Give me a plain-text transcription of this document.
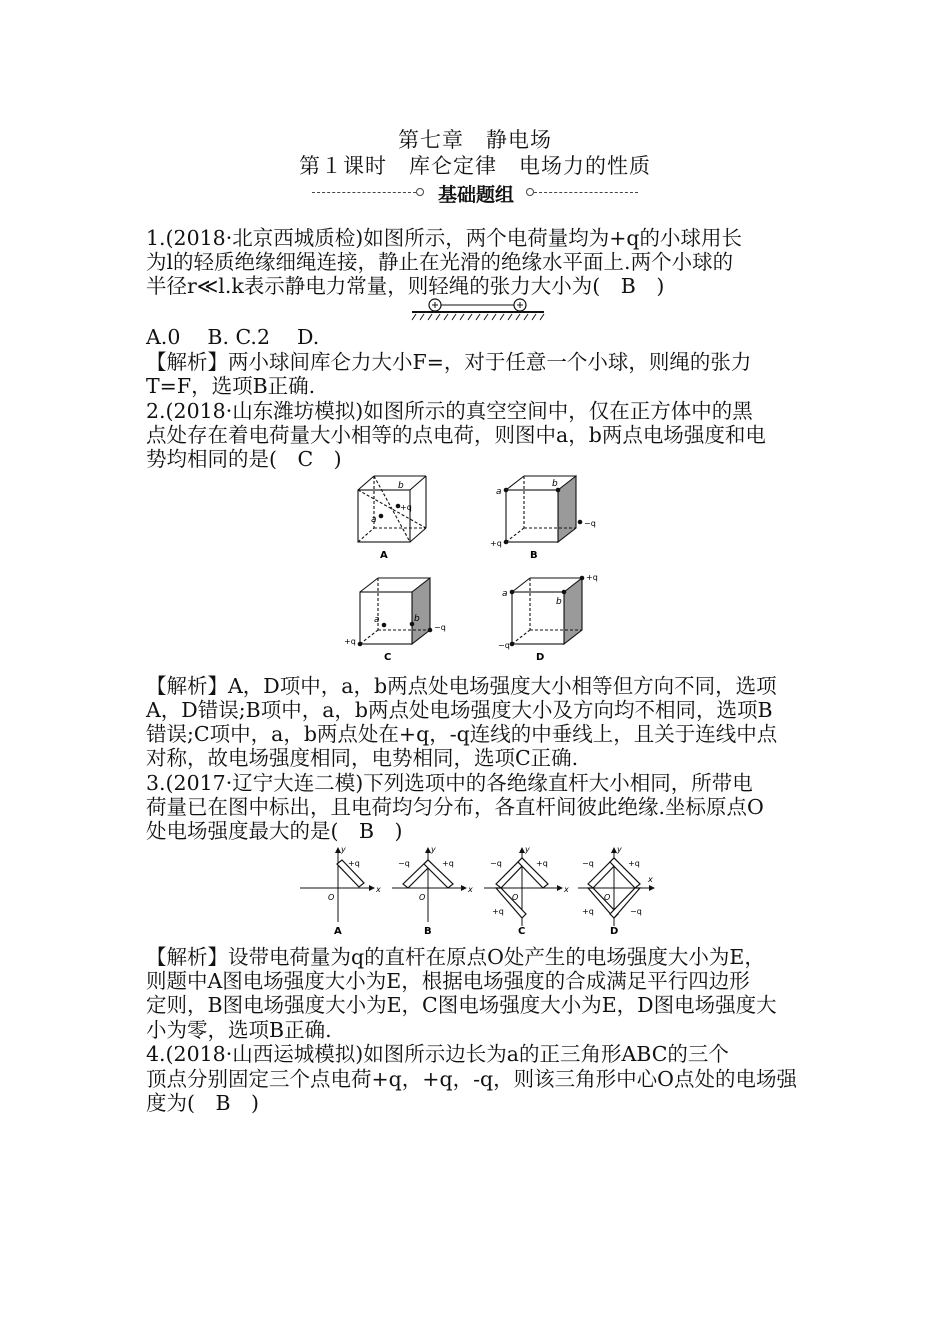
第七章　静电场
第１课时　库仑定律　电场力的性质
基础题组
1.(2018·北京西城质检)如图所示，两个电荷量均为+q的小球用长
为l的轻质绝缘细绳连接，静止在光滑的绝缘水平面上.两个小球的
半径r≪l.k表示静电力常量，则轻绳的张力大小为(　B　)
A.0　 B. C.2　 D.
【解析】两小球间库仑力大小F=，对于任意一个小球，则绳的张力
T=F，选项B正确.
2.(2018·山东潍坊模拟)如图所示的真空空间中，仅在正方体中的黑
点处存在着电荷量大小相等的点电荷，则图中a，b两点电场强度和电
势均相同的是(　C　)
a
b
+q
A
a
b
+q
−q
B
a	b
+q
−q
C
a
b
+q
−q
D
【解析】A，D项中，a，b两点处电场强度大小相等但方向不同，选项
A，D错误;B项中，a，b两点处电场强度大小及方向均不相同，选项B
错误;C项中，a，b两点处在+q，-q连线的中垂线上，且关于连线中点
对称，故电场强度相同，电势相同，选项C正确.
3.(2017·辽宁大连二模)下列选项中的各绝缘直杆大小相同，所带电
荷量已在图中标出，且电荷均匀分布，各直杆间彼此绝缘.坐标原点O
处电场强度最大的是(　B　)
x
y
O
+q
A
x
y
O
−q	+q
B
x
y
O
−q	+q
+q
C
x
y
O
−q	+q
+q	−q
D
【解析】设带电荷量为q的直杆在原点O处产生的电场强度大小为E，
则题中A图电场强度大小为E，根据电场强度的合成满足平行四边形
定则，B图电场强度大小为E，C图电场强度大小为E，D图电场强度大
小为零，选项B正确.
4.(2018·山西运城模拟)如图所示边长为a的正三角形ABC的三个
顶点分别固定三个点电荷+q，+q，-q，则该三角形中心O点处的电场强
度为(　B　)
